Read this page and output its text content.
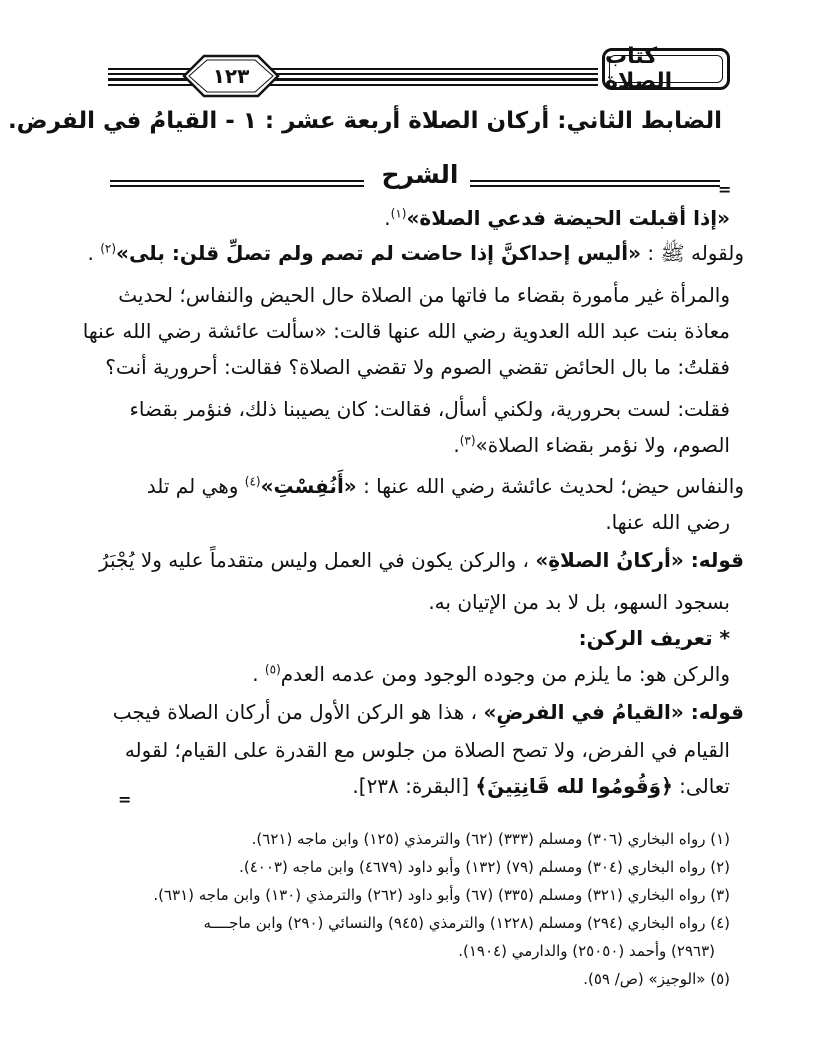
١٢٣
كتاب الصلاة
الضابط الثاني: أركان الصلاة أربعة عشر : ١ - القيامُ في الفرض.
الشرح
=
«إذا أقبلت الحيضة فدعي الصلاة»$^{(١)}$.
ولقوله ﷺ : «أليس إحداكنَّ إذا حاضت لم تصم ولم تصلِّ قلن: بلى»$^{(٢)}$ .
والمرأة غير مأمورة بقضاء ما فاتها من الصلاة حال الحيض والنفاس؛ لحديث
معاذة بنت عبد الله العدوية رضي الله عنها قالت: «سألت عائشة رضي الله عنها
فقلتُ: ما بال الحائض تقضي الصوم ولا تقضي الصلاة؟ فقالت: أحرورية أنت؟
فقلت: لست بحرورية، ولكني أسأل، فقالت: كان يصيبنا ذلك، فنؤمر بقضاء
الصوم، ولا نؤمر بقضاء الصلاة»$^{(٣)}$.
والنفاس حيض؛ لحديث عائشة رضي الله عنها : «أَنُفِسْتِ»$^{(٤)}$ وهي لم تلد
رضي الله عنها.
قوله: «أركانُ الصلاةِ» ، والركن يكون في العمل وليس متقدماً عليه ولا يُجْبَرُ
بسجود السهو، بل لا بد من الإتيان به.
* تعريف الركن:
والركن هو: ما يلزم من وجوده الوجود ومن عدمه العدم$^{(٥)}$ .
قوله: «القيامُ في الفرضِ» ، هذا هو الركن الأول من أركان الصلاة فيجب
القيام في الفرض، ولا تصح الصلاة من جلوس مع القدرة على القيام؛ لقوله
تعالى: ﴿وَقُومُوا لله قَانِتِينَ﴾ [البقرة: ٢٣٨].
=
(١) رواه البخاري (٣٠٦) ومسلم (٣٣٣) (٦٢) والترمذي (١٢٥) وابن ماجه (٦٢١).
(٢) رواه البخاري (٣٠٤) ومسلم (٧٩) (١٣٢) وأبو داود (٤٦٧٩) وابن ماجه (٤٠٠٣).
(٣) رواه البخاري (٣٢١) ومسلم (٣٣٥) (٦٧) وأبو داود (٢٦٢) والترمذي (١٣٠) وابن ماجه (٦٣١).
(٤) رواه البخاري (٢٩٤) ومسلم (١٢٢٨) والترمذي (٩٤٥) والنسائي (٢٩٠) وابن ماجــــه
(٢٩٦٣) وأحمد (٢٥٠٥٠) والدارمي (١٩٠٤).
(٥) «الوجيز» (ص/ ٥٩).
